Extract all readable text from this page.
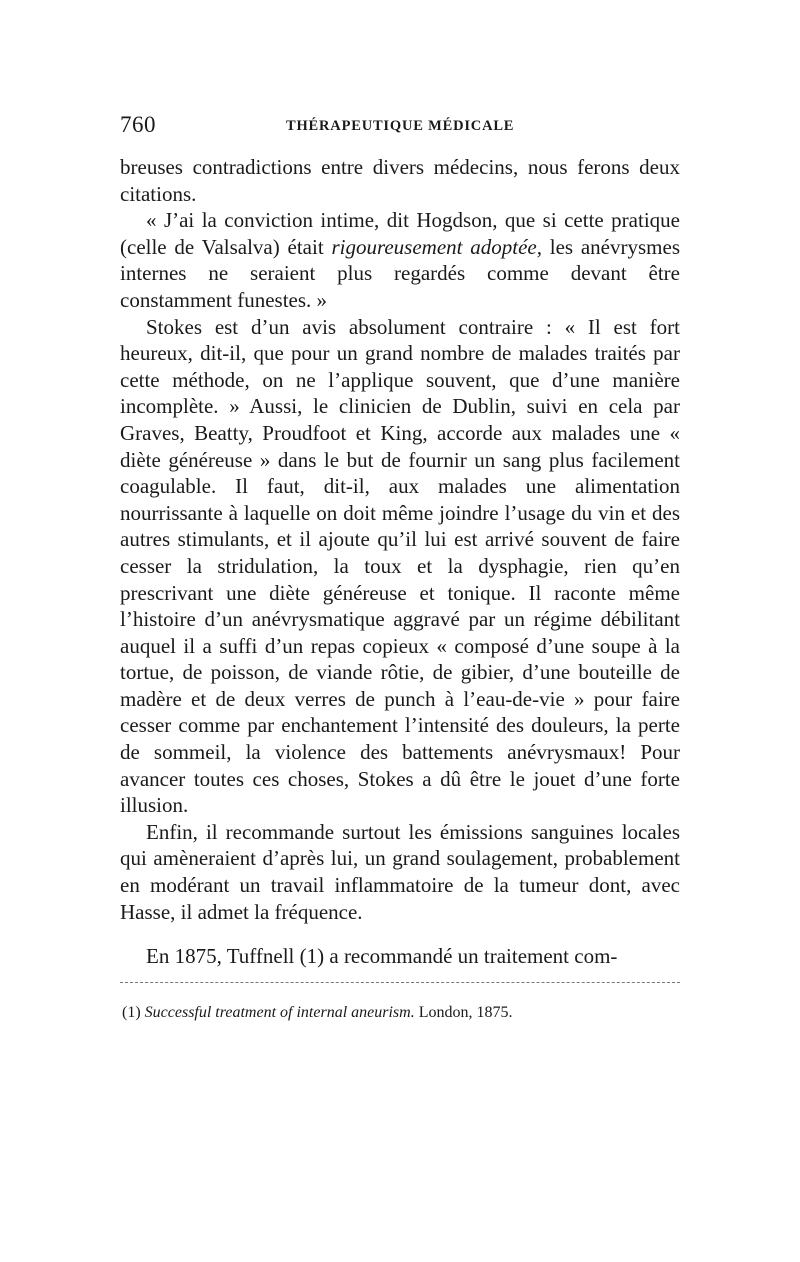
760	THÉRAPEUTIQUE MÉDICALE

breuses contradictions entre divers médecins, nous ferons deux citations.

« J’ai la conviction intime, dit Hogdson, que si cette pratique (celle de Valsalva) était rigoureusement adoptée, les anévrysmes internes ne seraient plus regardés comme devant être constamment funestes. »

Stokes est d’un avis absolument contraire : « Il est fort heureux, dit-il, que pour un grand nombre de malades traités par cette méthode, on ne l’applique souvent, que d’une manière incomplète. » Aussi, le clinicien de Dublin, suivi en cela par Graves, Beatty, Proudfoot et King, accorde aux malades une « diète généreuse » dans le but de fournir un sang plus facilement coagulable. Il faut, dit-il, aux malades une alimentation nourrissante à laquelle on doit même joindre l’usage du vin et des autres stimulants, et il ajoute qu’il lui est arrivé souvent de faire cesser la stridulation, la toux et la dysphagie, rien qu’en prescrivant une diète généreuse et tonique. Il raconte même l’histoire d’un anévrysmatique aggravé par un régime débilitant auquel il a suffi d’un repas copieux « composé d’une soupe à la tortue, de poisson, de viande rôtie, de gibier, d’une bouteille de madère et de deux verres de punch à l’eau-de-vie » pour faire cesser comme par enchantement l’intensité des douleurs, la perte de sommeil, la violence des battements anévrysmaux! Pour avancer toutes ces choses, Stokes a dû être le jouet d’une forte illusion.

Enfin, il recommande surtout les émissions sanguines locales qui amèneraient d’après lui, un grand soulagement, probablement en modérant un travail inflammatoire de la tumeur dont, avec Hasse, il admet la fréquence.

En 1875, Tuffnell (1) a recommandé un traitement com-

(1) Successful treatment of internal aneurism. London, 1875.
